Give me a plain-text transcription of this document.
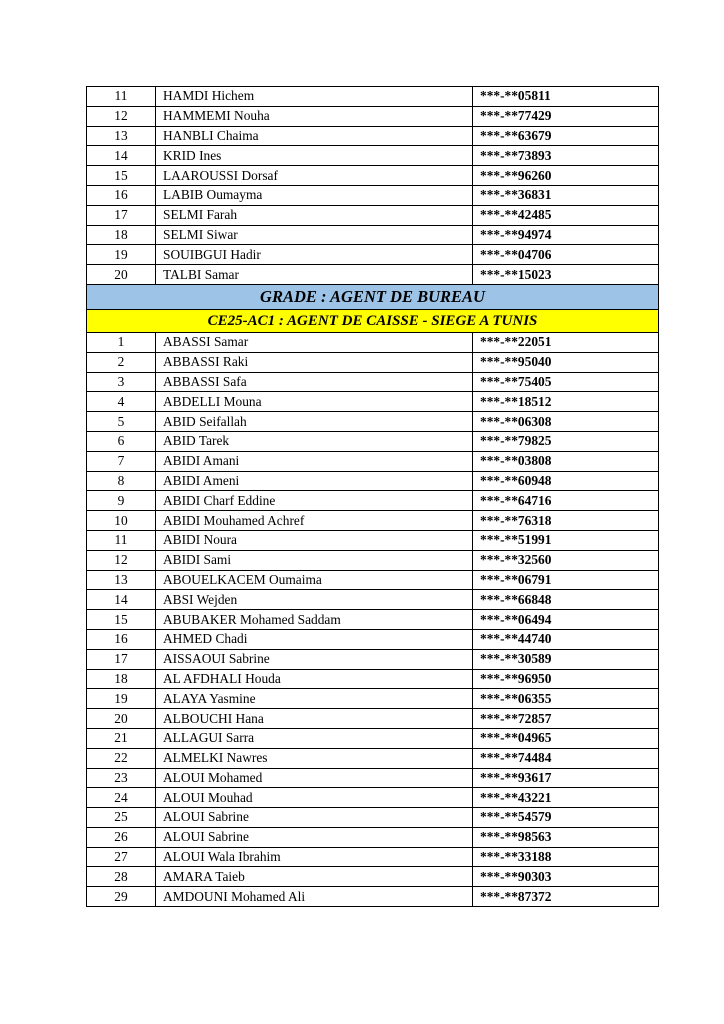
11	HAMDI Hichem	***-**05811
12	HAMMEMI Nouha	***-**77429
13	HANBLI Chaima	***-**63679
14	KRID Ines	***-**73893
15	LAAROUSSI Dorsaf	***-**96260
16	LABIB Oumayma	***-**36831
17	SELMI Farah	***-**42485
18	SELMI Siwar	***-**94974
19	SOUIBGUI Hadir	***-**04706
20	TALBI Samar	***-**15023
GRADE : AGENT DE BUREAU		
CE25-AC1 : AGENT DE CAISSE - SIEGE A TUNIS		
1	ABASSI Samar	***-**22051
2	ABBASSI Raki	***-**95040
3	ABBASSI Safa	***-**75405
4	ABDELLI Mouna	***-**18512
5	ABID Seifallah	***-**06308
6	ABID Tarek	***-**79825
7	ABIDI Amani	***-**03808
8	ABIDI Ameni	***-**60948
9	ABIDI Charf Eddine	***-**64716
10	ABIDI Mouhamed Achref	***-**76318
11	ABIDI Noura	***-**51991
12	ABIDI Sami	***-**32560
13	ABOUELKACEM Oumaima	***-**06791
14	ABSI Wejden	***-**66848
15	ABUBAKER Mohamed Saddam	***-**06494
16	AHMED Chadi	***-**44740
17	AISSAOUI Sabrine	***-**30589
18	AL AFDHALI Houda	***-**96950
19	ALAYA Yasmine	***-**06355
20	ALBOUCHI Hana	***-**72857
21	ALLAGUI Sarra	***-**04965
22	ALMELKI Nawres	***-**74484
23	ALOUI Mohamed	***-**93617
24	ALOUI Mouhad	***-**43221
25	ALOUI Sabrine	***-**54579
26	ALOUI Sabrine	***-**98563
27	ALOUI Wala Ibrahim	***-**33188
28	AMARA Taieb	***-**90303
29	AMDOUNI Mohamed Ali	***-**87372
